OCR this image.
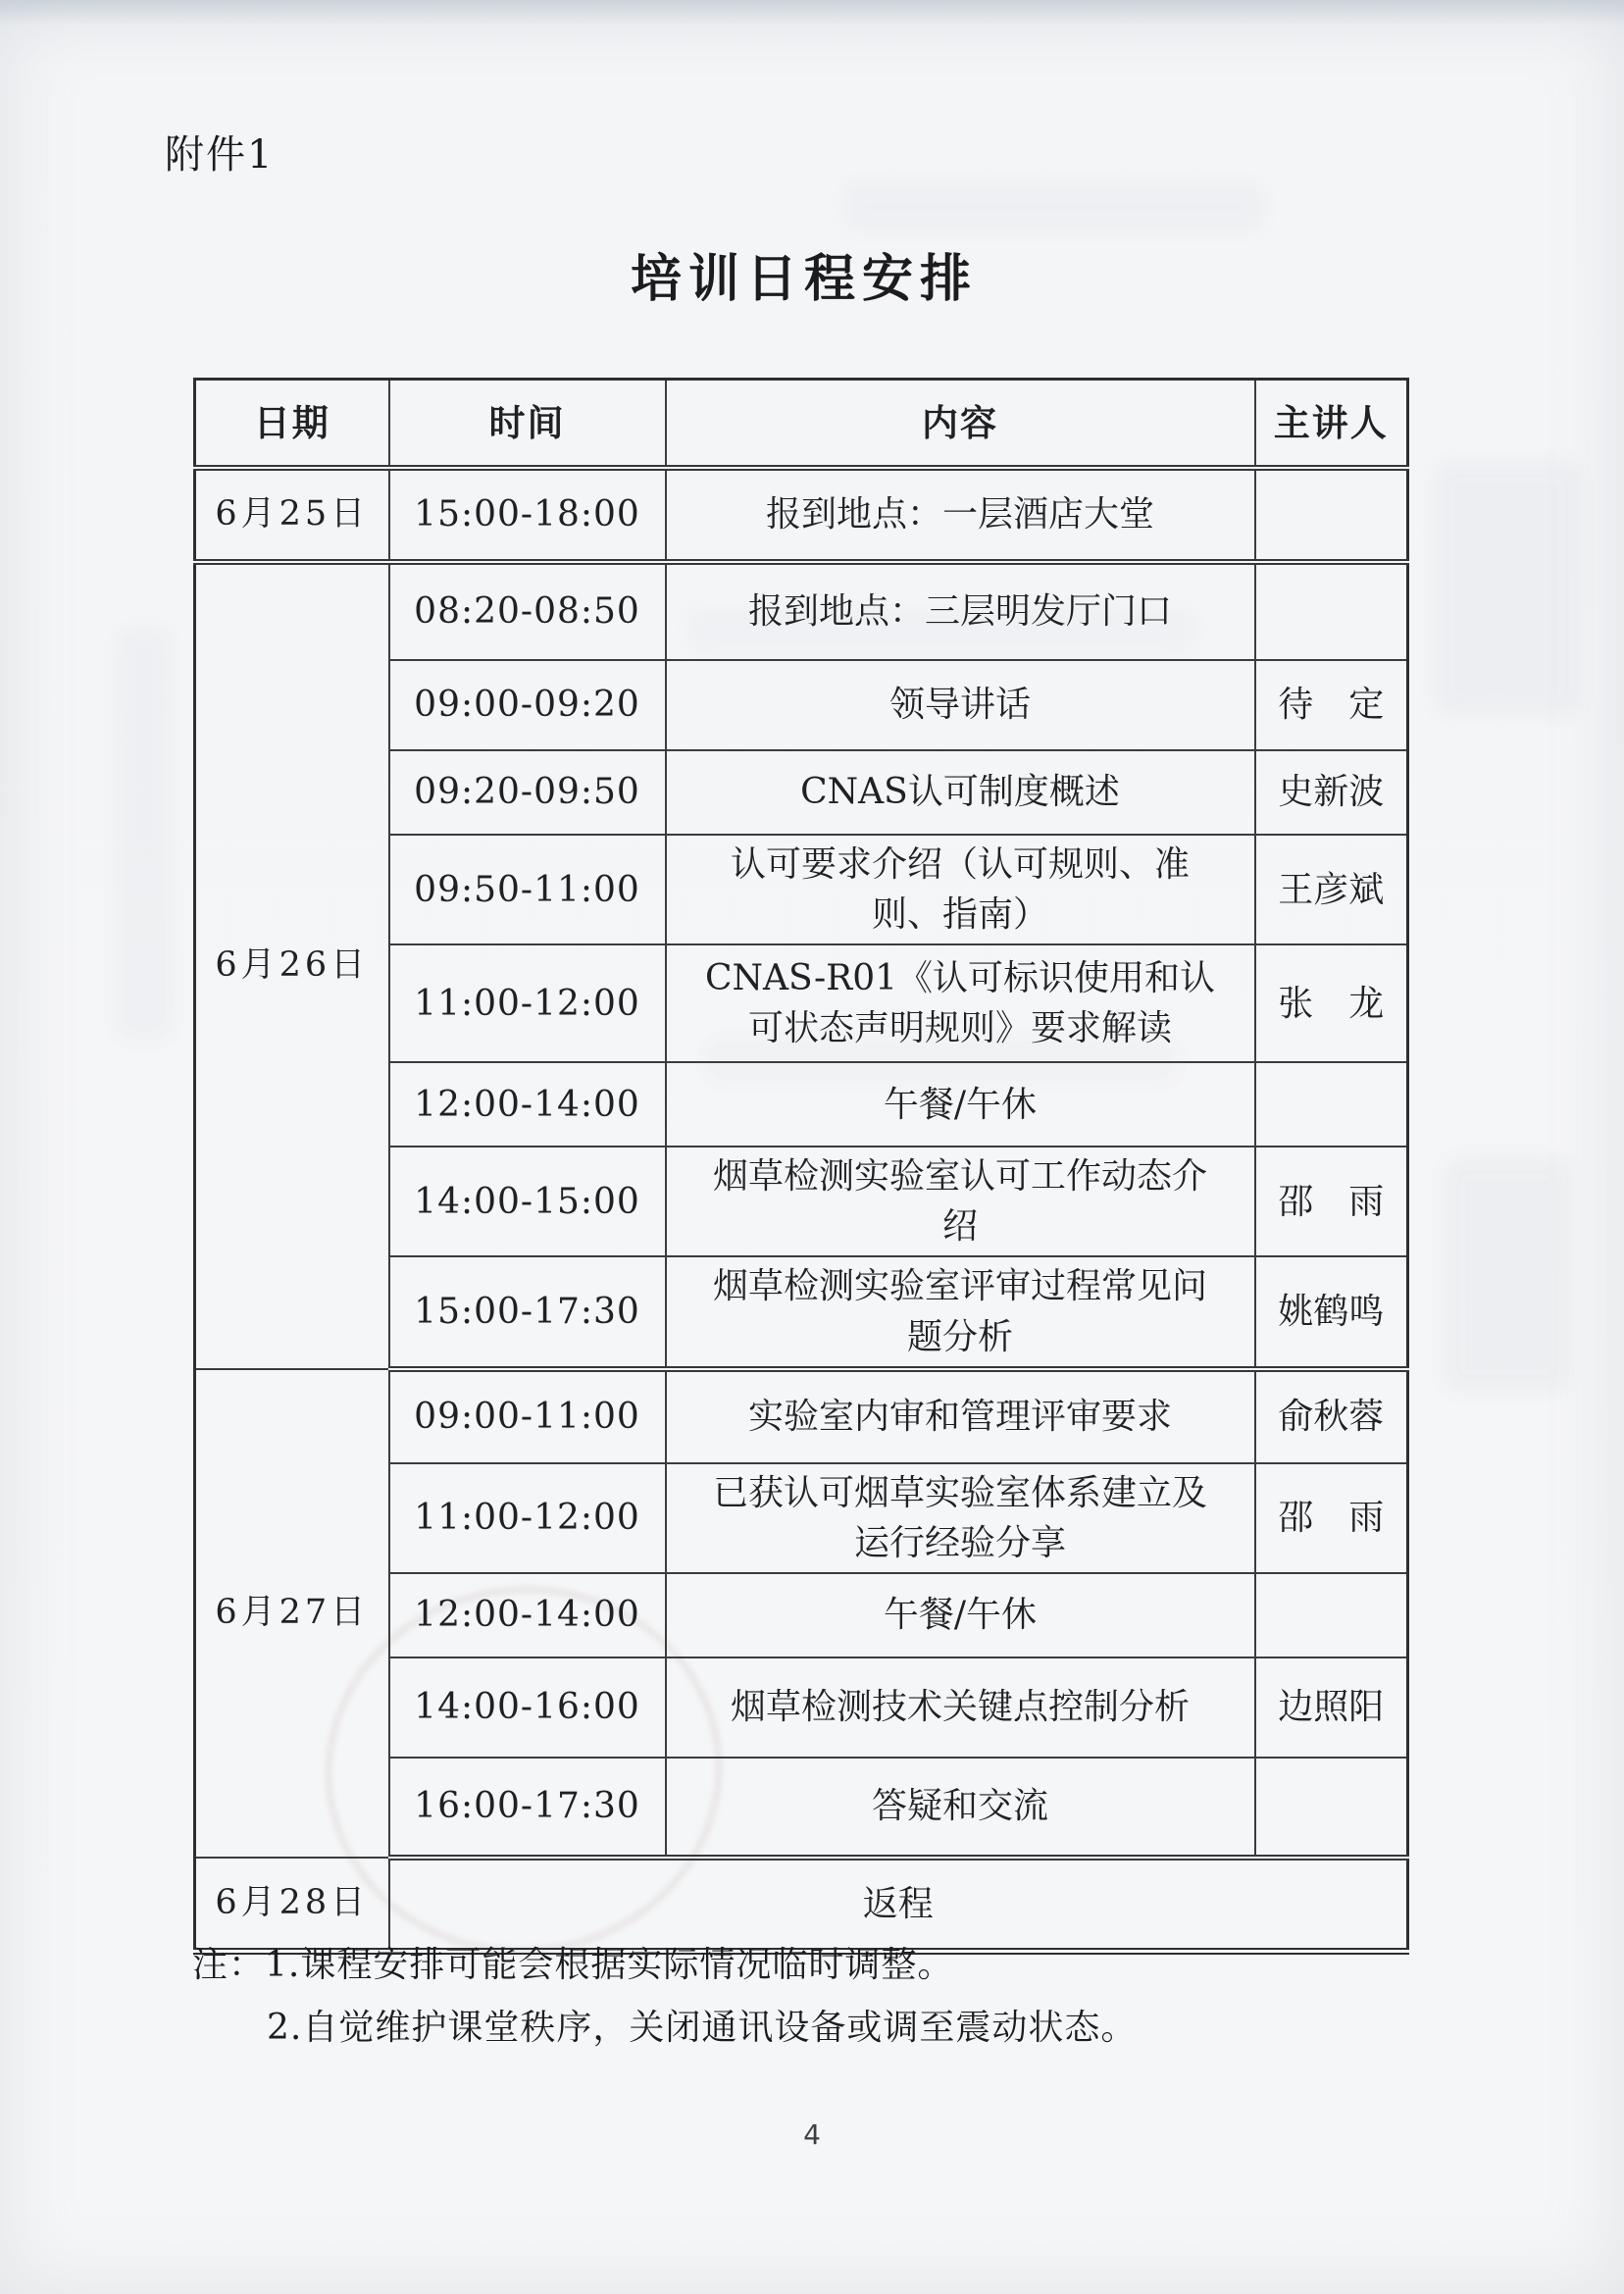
附件1
培训日程安排
日期	时间	内容	主讲人
6月25日	15:00-18:00	报到地点：一层酒店大堂	
6月26日	08:20-08:50	报到地点：三层明发厅门口	
	09:00-09:20	领导讲话	待　定
	09:20-09:50	CNAS认可制度概述	史新波
	09:50-11:00	认可要求介绍（认可规则、准则、指南）	王彦斌
	11:00-12:00	CNAS-R01《认可标识使用和认可状态声明规则》要求解读	张　龙
	12:00-14:00	午餐/午休	
	14:00-15:00	烟草检测实验室认可工作动态介绍	邵　雨
	15:00-17:30	烟草检测实验室评审过程常见问题分析	姚鹤鸣
6月27日	09:00-11:00	实验室内审和管理评审要求	俞秋蓉
	11:00-12:00	已获认可烟草实验室体系建立及运行经验分享	邵　雨
	12:00-14:00	午餐/午休	
	14:00-16:00	烟草检测技术关键点控制分析	边照阳
	16:00-17:30	答疑和交流	
6月28日	返程		
注：1.课程安排可能会根据实际情况临时调整。
2.自觉维护课堂秩序，关闭通讯设备或调至震动状态。
4
